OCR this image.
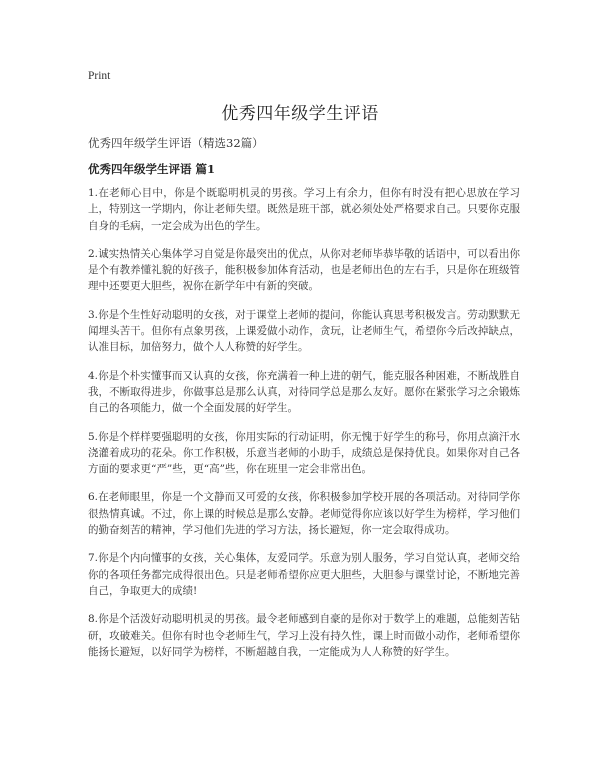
Print
优秀四年级学生评语
优秀四年级学生评语（精选32篇）
优秀四年级学生评语 篇1

1.在老师心目中，你是个既聪明机灵的男孩。学习上有余力，但你有时没有把心思放在学习上，特别这一学期内，你让老师失望。既然是班干部，就必须处处严格要求自己。只要你克服自身的毛病，一定会成为出色的学生。

2.诚实热情关心集体学习自觉是你最突出的优点，从你对老师毕恭毕敬的话语中，可以看出你是个有教养懂礼貌的好孩子，能积极参加体育活动，也是老师出色的左右手，只是你在班级管理中还要更大胆些，祝你在新学年中有新的突破。

3.你是个生性好动聪明的女孩，对于课堂上老师的提问，你能认真思考积极发言。劳动默默无闻埋头苦干。但你有点象男孩，上课爱做小动作，贪玩，让老师生气，希望你今后改掉缺点，认准目标，加倍努力，做个人人称赞的好学生。

4.你是个朴实懂事而又认真的女孩，你充满着一种上进的朝气，能克服各种困难，不断战胜自我，不断取得进步，你做事总是那么认真，对待同学总是那么友好。愿你在紧张学习之余锻炼自己的各项能力，做一个全面发展的好学生。

5.你是个样样要强聪明的女孩，你用实际的行动证明，你无愧于好学生的称号，你用点滴汗水浇灌着成功的花朵。你工作积极，乐意当老师的小助手，成绩总是保持优良。如果你对自己各方面的要求更“严”些，更“高”些，你在班里一定会非常出色。

6.在老师眼里，你是一个文静而又可爱的女孩，你积极参加学校开展的各项活动。对待同学你很热情真诚。不过，你上课的时候总是那么安静。老师觉得你应该以好学生为榜样，学习他们的勤奋刻苦的精神，学习他们先进的学习方法，扬长避短，你一定会取得成功。

7.你是个内向懂事的女孩，关心集体，友爱同学。乐意为别人服务，学习自觉认真，老师交给你的各项任务都完成得很出色。只是老师希望你应更大胆些，大胆参与课堂讨论，不断地完善自己，争取更大的成绩!

8.你是个活泼好动聪明机灵的男孩。最令老师感到自豪的是你对于数学上的难题，总能刻苦钻研，攻破难关。但你有时也令老师生气，学习上没有持久性，课上时而做小动作，老师希望你能扬长避短，以好同学为榜样，不断超越自我，一定能成为人人称赞的好学生。
